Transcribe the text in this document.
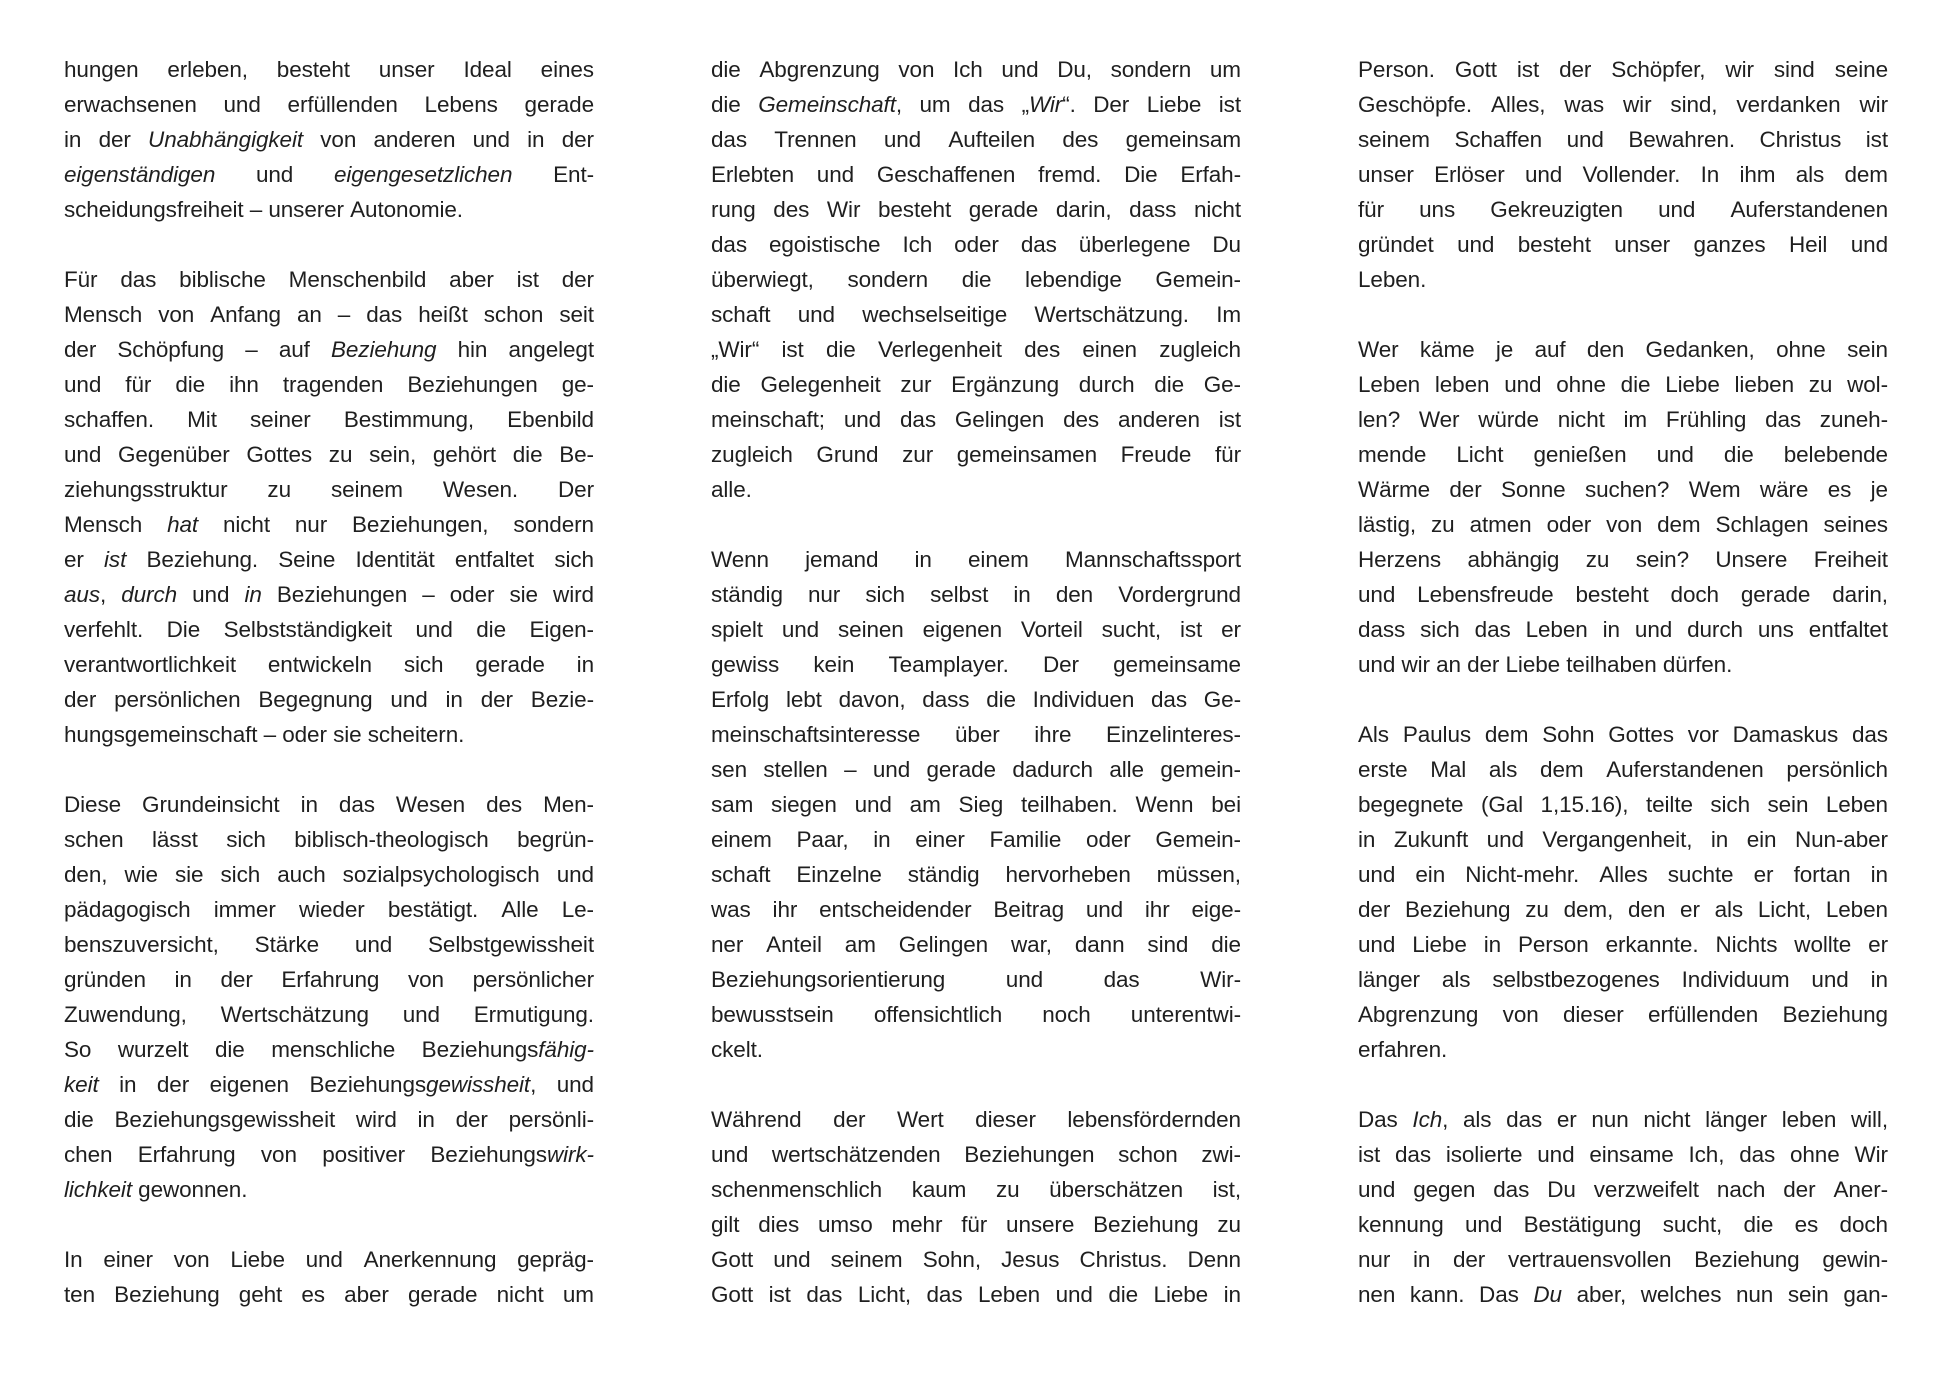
hungen erleben, besteht unser Ideal eines
erwachsenen und erfüllenden Lebens gerade
in der Unabhängigkeit von anderen und in der
eigenständigen und eigengesetzlichen Ent-
scheidungsfreiheit – unserer Autonomie.
Für das biblische Menschenbild aber ist der
Mensch von Anfang an – das heißt schon seit
der Schöpfung – auf Beziehung hin angelegt
und für die ihn tragenden Beziehungen ge-
schaffen. Mit seiner Bestimmung, Ebenbild
und Gegenüber Gottes zu sein, gehört die Be-
ziehungsstruktur zu seinem Wesen. Der
Mensch hat nicht nur Beziehungen, sondern
er ist Beziehung. Seine Identität entfaltet sich
aus, durch und in Beziehungen – oder sie wird
verfehlt. Die Selbstständigkeit und die Eigen-
verantwortlichkeit entwickeln sich gerade in
der persönlichen Begegnung und in der Bezie-
hungsgemeinschaft – oder sie scheitern.
Diese Grundeinsicht in das Wesen des Men-
schen lässt sich biblisch-theologisch begrün-
den, wie sie sich auch sozialpsychologisch und
pädagogisch immer wieder bestätigt. Alle Le-
benszuversicht, Stärke und Selbstgewissheit
gründen in der Erfahrung von persönlicher
Zuwendung, Wertschätzung und Ermutigung.
So wurzelt die menschliche Beziehungsfähig-
keit in der eigenen Beziehungsgewissheit, und
die Beziehungsgewissheit wird in der persönli-
chen Erfahrung von positiver Beziehungswirk-
lichkeit gewonnen.
In einer von Liebe und Anerkennung gepräg-
ten Beziehung geht es aber gerade nicht um
die Abgrenzung von Ich und Du, sondern um
die Gemeinschaft, um das „Wir“. Der Liebe ist
das Trennen und Aufteilen des gemeinsam
Erlebten und Geschaffenen fremd. Die Erfah-
rung des Wir besteht gerade darin, dass nicht
das egoistische Ich oder das überlegene Du
überwiegt, sondern die lebendige Gemein-
schaft und wechselseitige Wertschätzung. Im
„Wir“ ist die Verlegenheit des einen zugleich
die Gelegenheit zur Ergänzung durch die Ge-
meinschaft; und das Gelingen des anderen ist
zugleich Grund zur gemeinsamen Freude für
alle.
Wenn jemand in einem Mannschaftssport
ständig nur sich selbst in den Vordergrund
spielt und seinen eigenen Vorteil sucht, ist er
gewiss kein Teamplayer. Der gemeinsame
Erfolg lebt davon, dass die Individuen das Ge-
meinschaftsinteresse über ihre Einzelinteres-
sen stellen – und gerade dadurch alle gemein-
sam siegen und am Sieg teilhaben. Wenn bei
einem Paar, in einer Familie oder Gemein-
schaft Einzelne ständig hervorheben müssen,
was ihr entscheidender Beitrag und ihr eige-
ner Anteil am Gelingen war, dann sind die
Beziehungsorientierung	und	das	Wir-
bewusstsein offensichtlich noch unterentwi-
ckelt.
Während der Wert dieser lebensfördernden
und wertschätzenden Beziehungen schon zwi-
schenmenschlich kaum zu überschätzen ist,
gilt dies umso mehr für unsere Beziehung zu
Gott und seinem Sohn, Jesus Christus. Denn
Gott ist das Licht, das Leben und die Liebe in
Person. Gott ist der Schöpfer, wir sind seine
Geschöpfe. Alles, was wir sind, verdanken wir
seinem Schaffen und Bewahren. Christus ist
unser Erlöser und Vollender. In ihm als dem
für uns Gekreuzigten und Auferstandenen
gründet und besteht unser ganzes Heil und
Leben.
Wer käme je auf den Gedanken, ohne sein
Leben leben und ohne die Liebe lieben zu wol-
len? Wer würde nicht im Frühling das zuneh-
mende Licht genießen und die belebende
Wärme der Sonne suchen? Wem wäre es je
lästig, zu atmen oder von dem Schlagen seines
Herzens abhängig zu sein? Unsere Freiheit
und Lebensfreude besteht doch gerade darin,
dass sich das Leben in und durch uns entfaltet
und wir an der Liebe teilhaben dürfen.
Als Paulus dem Sohn Gottes vor Damaskus das
erste Mal als dem Auferstandenen persönlich
begegnete (Gal 1,15.16), teilte sich sein Leben
in Zukunft und Vergangenheit, in ein Nun-aber
und ein Nicht-mehr. Alles suchte er fortan in
der Beziehung zu dem, den er als Licht, Leben
und Liebe in Person erkannte. Nichts wollte er
länger als selbstbezogenes Individuum und in
Abgrenzung von dieser erfüllenden Beziehung
erfahren.
Das Ich, als das er nun nicht länger leben will,
ist das isolierte und einsame Ich, das ohne Wir
und gegen das Du verzweifelt nach der Aner-
kennung und Bestätigung sucht, die es doch
nur in der vertrauensvollen Beziehung gewin-
nen kann. Das Du aber, welches nun sein gan-
